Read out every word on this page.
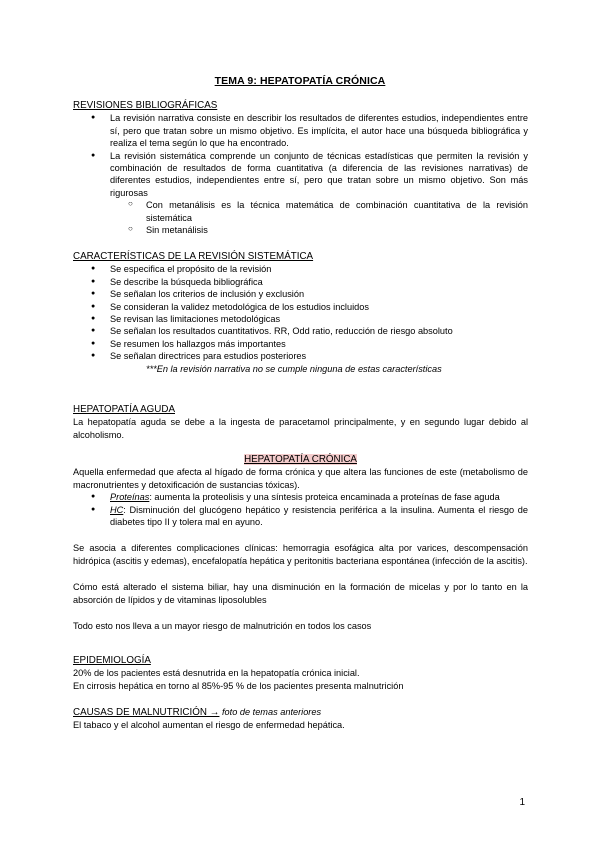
TEMA 9: HEPATOPATÍA CRÓNICA
REVISIONES BIBLIOGRÁFICAS
● La revisión narrativa consiste en describir los resultados de diferentes estudios, independientes entre sí, pero que tratan sobre un mismo objetivo. Es implícita, el autor hace una búsqueda bibliográfica y realiza el tema según lo que ha encontrado.
● La revisión sistemática comprende un conjunto de técnicas estadísticas que permiten la revisión y combinación de resultados de forma cuantitativa (a diferencia de las revisiones narrativas) de diferentes estudios, independientes entre sí, pero que tratan sobre un mismo objetivo. Son más rigurosas
○ Con metanálisis es la técnica matemática de combinación cuantitativa de la revisión sistemática
○ Sin metanálisis
CARACTERÍSTICAS DE LA REVISIÓN SISTEMÁTICA
● Se especifica el propósito de la revisión
● Se describe la búsqueda bibliográfica
● Se señalan los criterios de inclusión y exclusión
● Se consideran la validez metodológica de los estudios incluidos
● Se revisan las limitaciones metodológicas
● Se señalan los resultados cuantitativos. RR, Odd ratio, reducción de riesgo absoluto
● Se resumen los hallazgos más importantes
● Se señalan directrices para estudios posteriores
***En la revisión narrativa no se cumple ninguna de estas características
HEPATOPATÍA AGUDA
La hepatopatía aguda se debe a la ingesta de paracetamol principalmente, y en segundo lugar debido al alcoholismo.
HEPATOPATÍA CRÓNICA
Aquella enfermedad que afecta al hígado de forma crónica y que altera las funciones de este (metabolismo de macronutrientes y detoxificación de sustancias tóxicas).
● Proteínas: aumenta la proteolisis y una síntesis proteica encaminada a proteínas de fase aguda
● HC: Disminución del glucógeno hepático y resistencia periférica a la insulina. Aumenta el riesgo de diabetes tipo II y tolera mal en ayuno.
Se asocia a diferentes complicaciones clínicas: hemorragia esofágica alta por varices, descompensación hidrópica (ascitis y edemas), encefalopatía hepática y peritonitis bacteriana espontánea (infección de la ascitis).
Cómo está alterado el sistema biliar, hay una disminución en la formación de micelas y por lo tanto en la absorción de lípidos y de vitaminas liposolubles
Todo esto nos lleva a un mayor riesgo de malnutrición en todos los casos
EPIDEMIOLOGÍA
20% de los pacientes está desnutrida en la hepatopatía crónica inicial.
En cirrosis hepática en torno al 85%-95 % de los pacientes presenta malnutrición
CAUSAS DE MALNUTRICIÓN → foto de temas anteriores
El tabaco y el alcohol aumentan el riesgo de enfermedad hepática.
1
